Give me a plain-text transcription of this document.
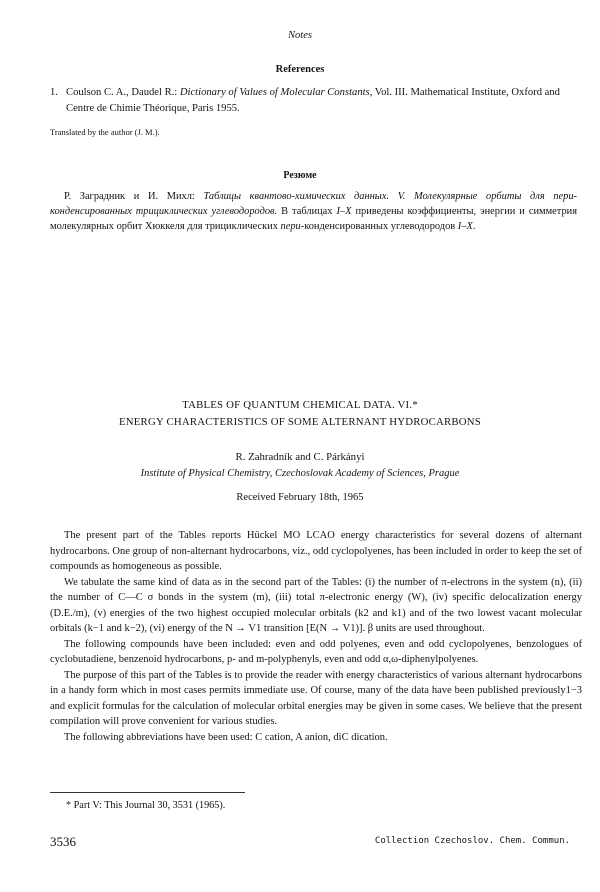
Notes
References
1. Coulson C. A., Daudel R.: Dictionary of Values of Molecular Constants, Vol. III. Mathematical Institute, Oxford and Centre de Chimie Théorique, Paris 1955.
Translated by the author (J. M.).
Резюме
Р. Заградник и И. Михл: Таблицы квантово-химических данных. V. Молекулярные орбиты для пери-конденсированных трициклических углеводородов. В таблицах I–X приведены коэффициенты, энергии и симметрия молекулярных орбит Хюккеля для трициклических пери-конденсированных углеводородов I–X.
TABLES OF QUANTUM CHEMICAL DATA. VI.*
ENERGY CHARACTERISTICS OF SOME ALTERNANT HYDROCARBONS
R. Zahradník and C. Párkányi
Institute of Physical Chemistry, Czechoslovak Academy of Sciences, Prague
Received February 18th, 1965

The present part of the Tables reports Hückel MO LCAO energy characteristics for several dozens of alternant hydrocarbons. One group of non-alternant hydrocarbons, viz., odd cyclopolyenes, has been included in order to keep the set of compounds as homogeneous as possible.

We tabulate the same kind of data as in the second part of the Tables: (i) the number of π-electrons in the system (n), (ii) the number of C—C σ bonds in the system (m), (iii) total π-electronic energy (W), (iv) specific delocalization energy (D.E./m), (v) energies of the two highest occupied molecular orbitals (k2 and k1) and of the two lowest vacant molecular orbitals (k−1 and k−2), (vi) energy of the N → V1 transition [E(N → V1)]. β units are used throughout.

The following compounds have been included: even and odd polyenes, even and odd cyclopolyenes, benzologues of cyclobutadiene, benzenoid hydrocarbons, p- and m-polyphenyls, even and odd α,ω-diphenylpolyenes.

The purpose of this part of the Tables is to provide the reader with energy characteristics of various alternant hydrocarbons in a handy form which in most cases permits immediate use. Of course, many of the data have been published previously1−3 and explicit formulas for the calculation of molecular orbital energies may be given in some cases. We believe that the present compilation will prove convenient for various studies.

The following abbreviations have been used: C cation, A anion, diC dication.

* Part V: This Journal 30, 3531 (1965).
3536	Collection Czechoslov. Chem. Commun.
